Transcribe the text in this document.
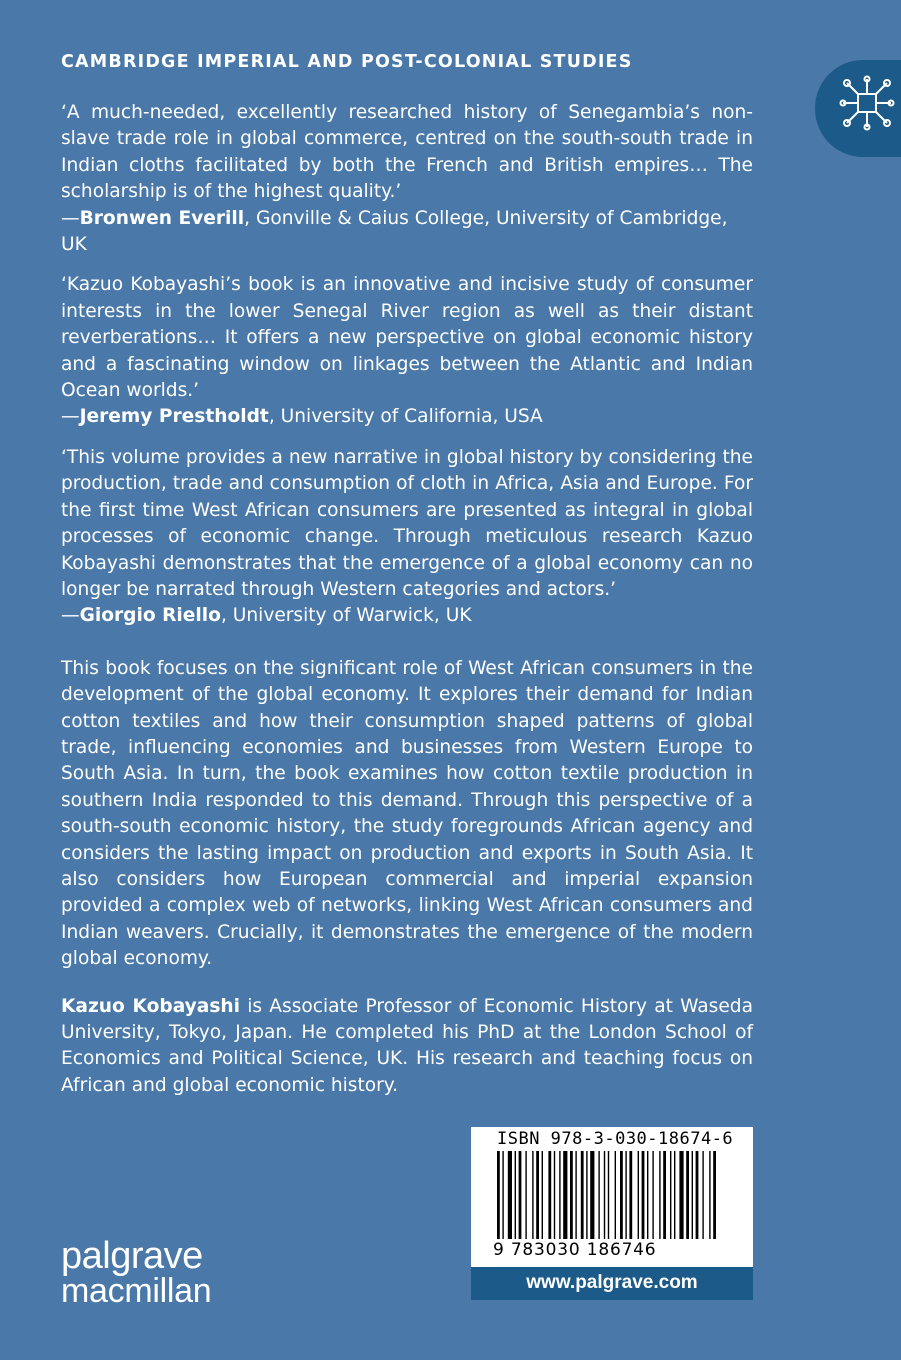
CAMBRIDGE IMPERIAL AND POST-COLONIAL STUDIES

‘A much-needed, excellently researched history of Senegambia’s non-slave trade role in global commerce, centred on the south-south trade in Indian cloths facilitated by both the French and British empires… The scholarship is of the highest quality.’

—Bronwen Everill, Gonville & Caius College, University of Cambridge, UK

‘Kazuo Kobayashi’s book is an innovative and incisive study of consumer interests in the lower Senegal River region as well as their distant reverberations… It offers a new perspective on global economic history and a fascinating window on linkages between the Atlantic and Indian Ocean worlds.’

—Jeremy Prestholdt, University of California, USA

‘This volume provides a new narrative in global history by considering the production, trade and consumption of cloth in Africa, Asia and Europe. For the first time West African consumers are presented as integral in global processes of economic change. Through meticulous research Kazuo Kobayashi demonstrates that the emergence of a global economy can no longer be narrated through Western categories and actors.’

—Giorgio Riello, University of Warwick, UK

This book focuses on the significant role of West African consumers in the development of the global economy. It explores their demand for Indian cotton textiles and how their consumption shaped patterns of global trade, influencing economies and businesses from Western Europe to South Asia. In turn, the book examines how cotton textile production in southern India responded to this demand. Through this perspective of a south-south economic history, the study foregrounds African agency and considers the lasting impact on production and exports in South Asia. It also considers how European commercial and imperial expansion provided a complex web of networks, linking West African consumers and Indian weavers. Crucially, it demonstrates the emergence of the modern global economy.

Kazuo Kobayashi is Associate Professor of Economic History at Waseda University, Tokyo, Japan. He completed his PhD at the London School of Economics and Political Science, UK. His research and teaching focus on African and global economic history.

palgrave
macmillan
ISBN 978-3-030-18674-6
9 783030 186746
www.palgrave.com
